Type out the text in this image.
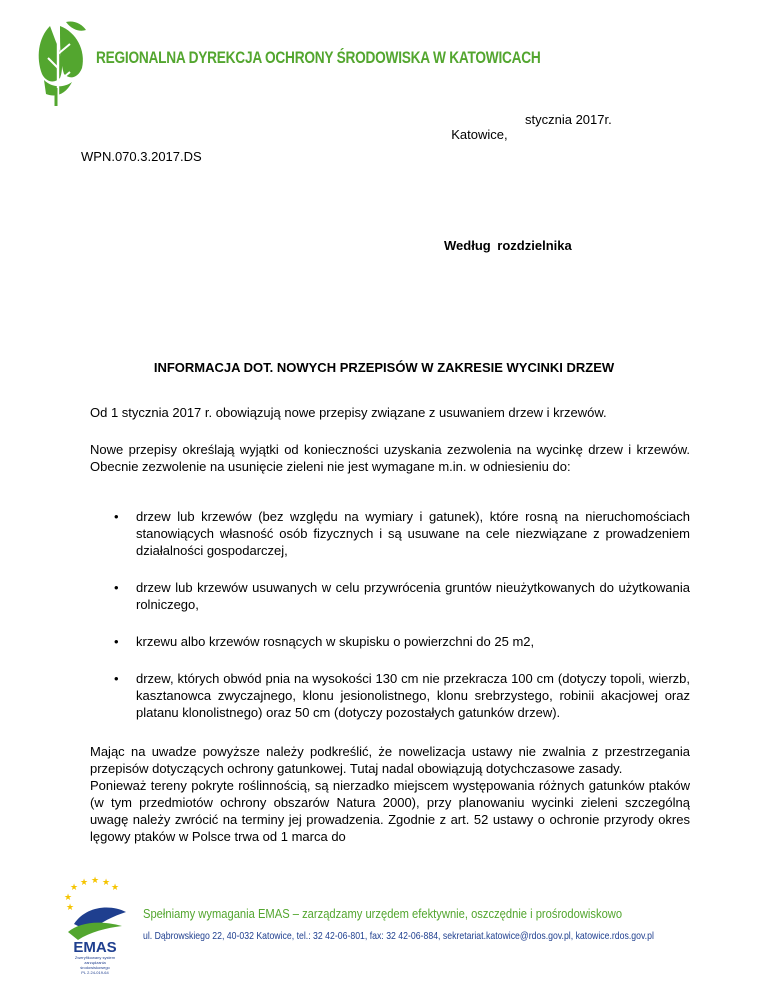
REGIONALNA DYREKCJA OCHRONY ŚRODOWISKA W KATOWICACH

Katowice,

stycznia 2017r.

WPN.070.3.2017.DS
Według rozdzielnika
INFORMACJA DOT. NOWYCH PRZEPISÓW W ZAKRESIE WYCINKI DRZEW
Od 1 stycznia 2017 r. obowiązują nowe przepisy związane z usuwaniem drzew i krzewów.
Nowe przepisy określają wyjątki od konieczności uzyskania zezwolenia na wycinkę drzew i krzewów. Obecnie zezwolenie na usunięcie zieleni nie jest wymagane m.in. w odniesieniu do:
• drzew lub krzewów (bez względu na wymiary i gatunek), które rosną na nieruchomościach stanowiących własność osób fizycznych i są usuwane na cele niezwiązane z prowadzeniem działalności gospodarczej,
• drzew lub krzewów usuwanych w celu przywrócenia gruntów nieużytkowanych do użytkowania rolniczego,
• krzewu albo krzewów rosnących w skupisku o powierzchni do 25 m2,
• drzew, których obwód pnia na wysokości 130 cm nie przekracza 100 cm (dotyczy topoli, wierzb, kasztanowca zwyczajnego, klonu jesionolistnego, klonu srebrzystego, robinii akacjowej oraz platanu klonolistnego) oraz 50 cm (dotyczy pozostałych gatunków drzew).
Mając na uwadze powyższe należy podkreślić, że nowelizacja ustawy nie zwalnia z przestrzegania przepisów dotyczących ochrony gatunkowej. Tutaj nadal obowiązują dotychczasowe zasady.
Ponieważ tereny pokryte roślinnością, są nierzadko miejscem występowania różnych gatunków ptaków (w tym przedmiotów ochrony obszarów Natura 2000), przy planowaniu wycinki zieleni szczególną uwagę należy zwrócić na terminy jej prowadzenia. Zgodnie z art. 52 ustawy o ochronie przyrody okres lęgowy ptaków w Polsce trwa od 1 marca do
★ ★ ★ ★ ★
★
★
EMAS
Zweryfikowany system
zarządzania
środowiskowego
PL 2.24-019-64
Spełniamy wymagania EMAS – zarządzamy urzędem efektywnie, oszczędnie i prośrodowiskowo
ul. Dąbrowskiego 22, 40-032 Katowice, tel.: 32 42-06-801, fax: 32 42-06-884, sekretariat.katowice@rdos.gov.pl, katowice.rdos.gov.pl
